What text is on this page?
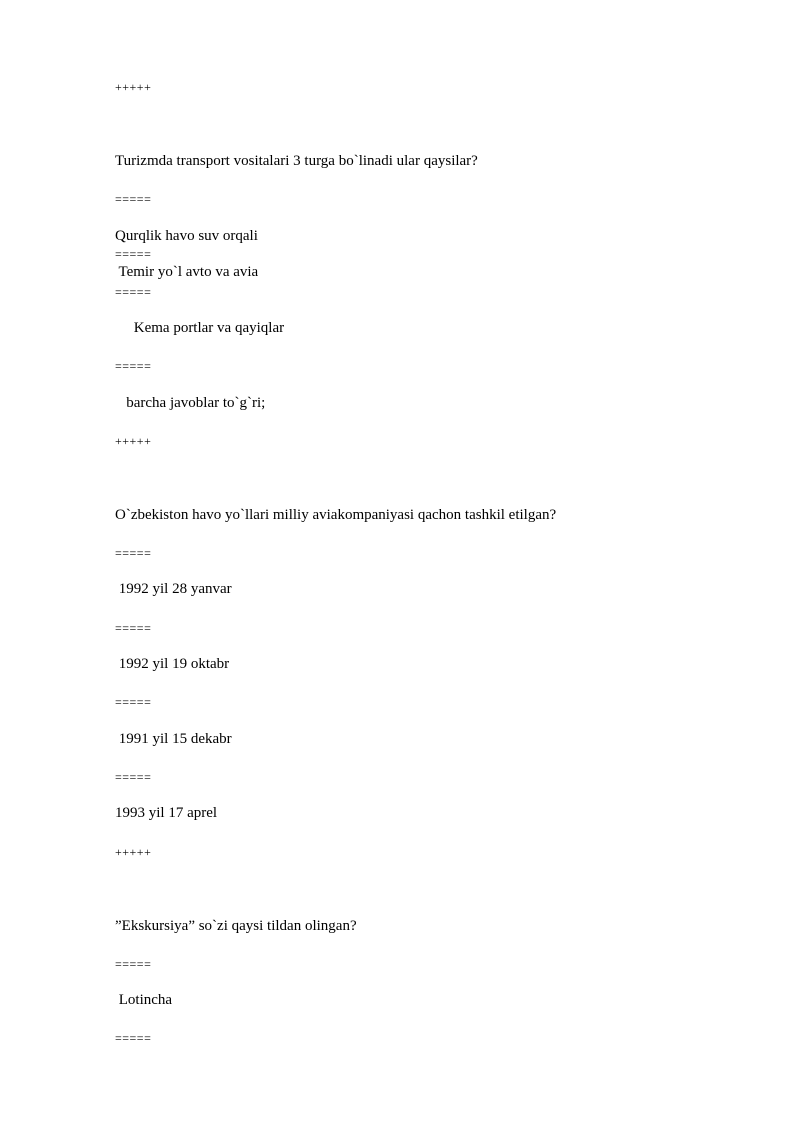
+++++
Turizmda transport vositalari 3 turga bo`linadi ular qaysilar?
=====
Qurqlik havo suv orqali
=====
Temir yo`l avto va avia
=====
Kema portlar va qayiqlar
=====
barcha javoblar to`g`ri;
+++++
O`zbekiston havo yo`llari milliy aviakompaniyasi qachon tashkil etilgan?
=====
1992 yil 28 yanvar
=====
1992 yil 19 oktabr
=====
1991 yil 15 dekabr
=====
1993 yil 17 aprel
+++++
”Ekskursiya” so`zi qaysi tildan olingan?
=====
Lotincha
=====
